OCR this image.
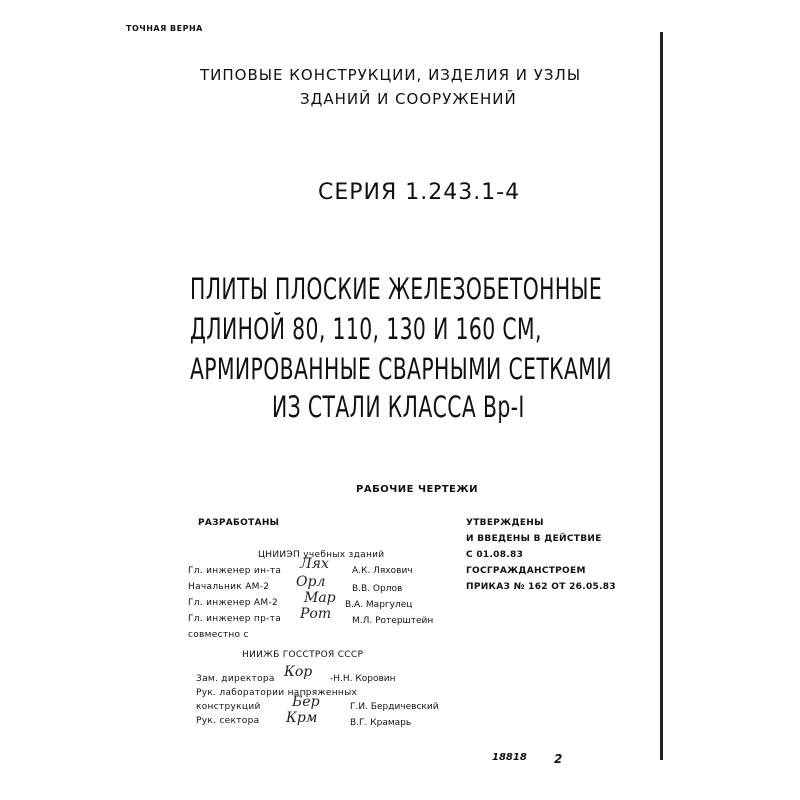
ТОЧНАЯ ВЕРНА
ТИПОВЫЕ КОНСТРУКЦИИ, ИЗДЕЛИЯ И УЗЛЫ
ЗДАНИЙ И СООРУЖЕНИЙ
СЕРИЯ 1.243.1-4
ПЛИТЫ ПЛОСКИЕ ЖЕЛЕЗОБЕТОННЫЕ
ДЛИНОЙ 80, 110, 130 И 160 СМ,
АРМИРОВАННЫЕ СВАРНЫМИ СЕТКАМИ
ИЗ СТАЛИ КЛАССА Вр-I
РАБОЧИЕ ЧЕРТЕЖИ
РАЗРАБОТАНЫ
ЦНИИЭП учебных зданий
Гл. инженер ин-та	А.К. Ляхович
Лях
Начальник АМ-2	В.В. Орлов
Орл
Гл. инженер АМ-2	В.А. Маргулец
Мар
Гл. инженер пр-та	М.Л. Ротерштейн
Рот
совместно с
НИИЖБ ГОССТРОЯ СССР
Зам. директора	-Н.Н. Коровин
Кор
Рук. лаборатории напряженных
конструкций	Г.И. Бердичевский
Бер
Рук. сектора	В.Г. Крамарь
Крм
УТВЕРЖДЕНЫ
И ВВЕДЕНЫ В ДЕЙСТВИЕ
С 01.08.83
ГОСГРАЖДАНСТРОЕМ
ПРИКАЗ № 162 ОТ 26.05.83
18818 2
